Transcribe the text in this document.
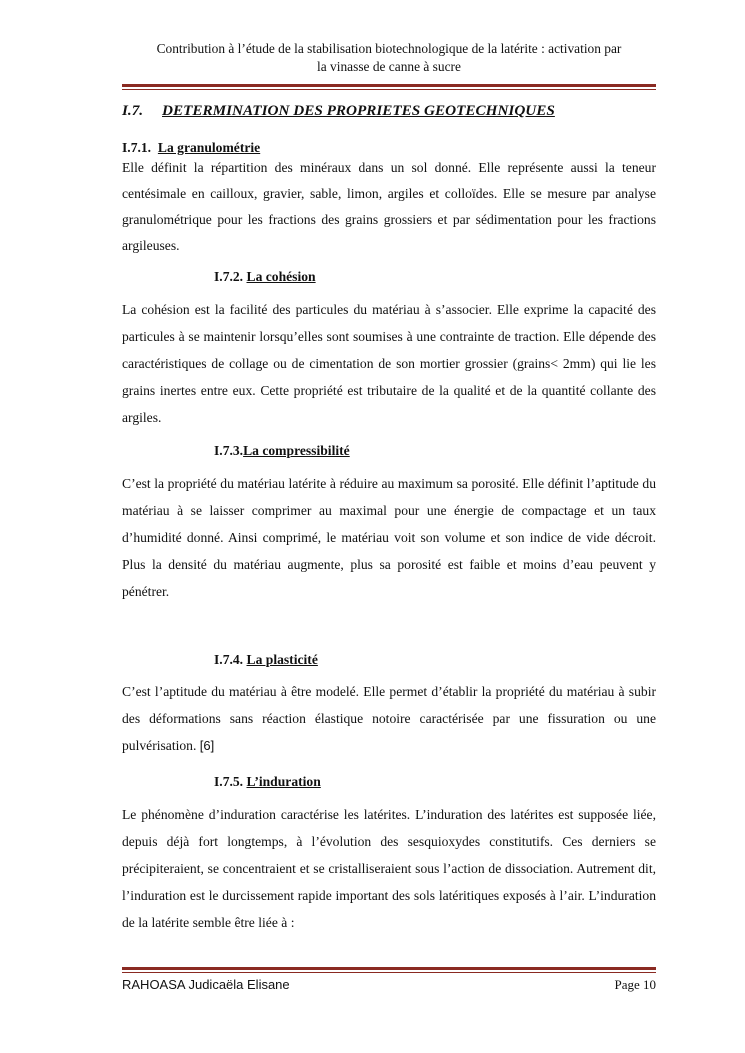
Contribution à l’étude de la stabilisation biotechnologique de la latérite : activation par
la vinasse de canne à sucre
I.7. DETERMINATION DES PROPRIETES GEOTECHNIQUES
I.7.1. La granulométrie

Elle définit la répartition des minéraux dans un sol donné. Elle représente aussi la teneur centésimale en cailloux, gravier, sable, limon, argiles et colloïdes. Elle se mesure par analyse granulométrique pour les fractions des grains grossiers et par sédimentation pour les fractions argileuses.

I.7.2. La cohésion

La cohésion est la facilité des particules du matériau à s’associer. Elle exprime la capacité des particules à se maintenir lorsqu’elles sont soumises à une contrainte de traction. Elle dépende des caractéristiques de collage ou de cimentation de son mortier grossier (grains< 2mm) qui lie les grains inertes entre eux. Cette propriété est tributaire de la qualité et de la quantité collante des argiles.

I.7.3.La compressibilité

C’est la propriété du matériau latérite à réduire au maximum sa porosité. Elle définit l’aptitude du matériau à se laisser comprimer au maximal pour une énergie de compactage et un taux d’humidité donné. Ainsi comprimé, le matériau voit son volume et son indice de vide décroit. Plus la densité du matériau augmente, plus sa porosité est faible et moins d’eau peuvent y pénétrer.

I.7.4. La plasticité

C’est l’aptitude du matériau à être modelé. Elle permet d’établir la propriété du matériau à subir des déformations sans réaction élastique notoire caractérisée par une fissuration ou une pulvérisation. [6]

I.7.5. L’induration

Le phénomène d’induration caractérise les latérites. L’induration des latérites est supposée liée, depuis déjà fort longtemps, à l’évolution des sesquioxydes constitutifs. Ces derniers se précipiteraient, se concentraient et se cristalliseraient sous l’action de dissociation. Autrement dit, l’induration est le durcissement rapide important des sols latéritiques exposés à l’air. L’induration de la latérite semble être liée à :

RAHOASA Judicaëla Elisane	Page 10
